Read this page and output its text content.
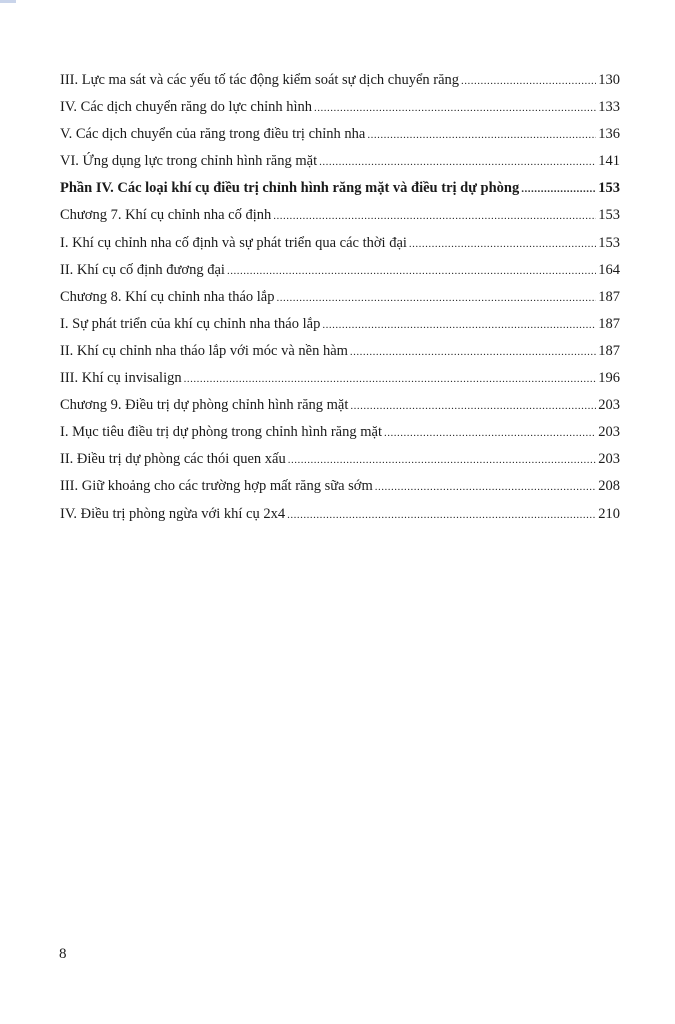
III. Lực ma sát và các yếu tố tác động kiểm soát sự dịch chuyển răng .....	130
IV. Các dịch chuyển răng do lực chỉnh hình .....	133
V. Các dịch chuyển của răng trong điều trị chỉnh nha .....	136
VI. Ứng dụng lực trong chỉnh hình răng mặt .....	141
Phần IV. Các loại khí cụ điều trị chỉnh hình răng mặt và điều trị dự phòng .....	153
Chương 7. Khí cụ chỉnh nha cố định .....	153
I. Khí cụ chỉnh nha cố định và sự phát triển qua các thời đại .....	153
II. Khí cụ cố định đương đại .....	164
Chương 8. Khí cụ chỉnh nha tháo lắp .....	187
I. Sự phát triển của khí cụ chỉnh nha tháo lắp .....	187
II. Khí cụ chỉnh nha tháo lắp với móc và nền hàm .....	187
III. Khí cụ invisalign .....	196
Chương 9. Điều trị dự phòng chỉnh hình răng mặt .....	203
I. Mục tiêu điều trị dự phòng trong chỉnh hình răng mặt .....	203
II. Điều trị dự phòng các thói quen xấu .....	203
III. Giữ khoảng cho các trường hợp mất răng sữa sớm .....	208
IV. Điều trị phòng ngừa với khí cụ 2x4 .....	210
8
